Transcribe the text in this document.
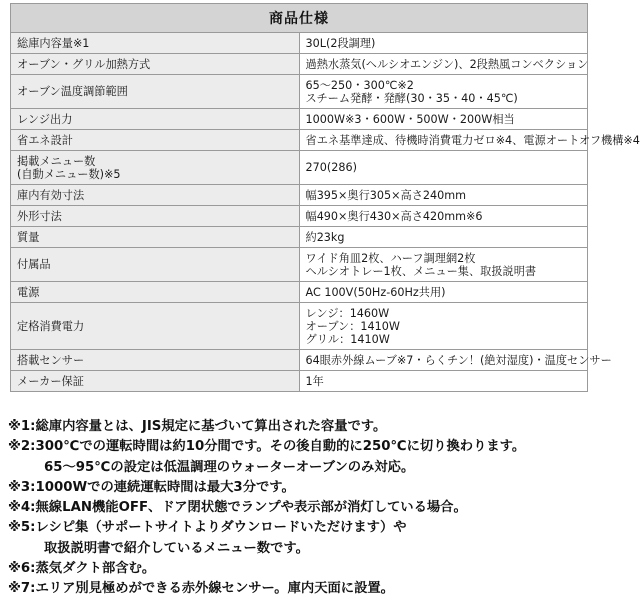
商品仕様	

総庫内容量※1	30L(2段調理)

オーブン・グリル加熱方式	過熱水蒸気(ヘルシオエンジン)、2段熱風コンベクション

オーブン温度調節範囲	65～250・300℃※2
スチーム発酵・発酵(30・35・40・45℃)

レンジ出力	1000W※3・600W・500W・200W相当

省エネ設計	省エネ基準達成、待機時消費電力ゼロ※4、電源オートオフ機構※4

掲載メニュー数
(自動メニュー数)※5	270(286)

庫内有効寸法	幅395×奥行305×高さ240mm

外形寸法	幅490×奥行430×高さ420mm※6

質量	約23kg

付属品	ワイド角皿2枚、ハーフ調理網2枚
ヘルシオトレー1枚、メニュー集、取扱説明書

電源	AC 100V(50Hz-60Hz共用)

定格消費電力	レンジ：1460W
オーブン：1410W
グリル：1410W

搭載センサー	64眼赤外線ムーブ※7・らくチン！(絶対湿度)・温度センサー

メーカー保証	1年
※1:総庫内容量とは、JIS規定に基づいて算出された容量です。
※2:300℃での運転時間は約10分間です。その後自動的に250℃に切り換わります。
65～95℃の設定は低温調理のウォーターオーブンのみ対応。
※3:1000Wでの連続運転時間は最大3分です。
※4:無線LAN機能OFF、ドア閉状態でランプや表示部が消灯している場合。
※5:レシピ集（サポートサイトよりダウンロードいただけます）や
取扱説明書で紹介しているメニュー数です。
※6:蒸気ダクト部含む。
※7:エリア別見極めができる赤外線センサー。庫内天面に設置。
